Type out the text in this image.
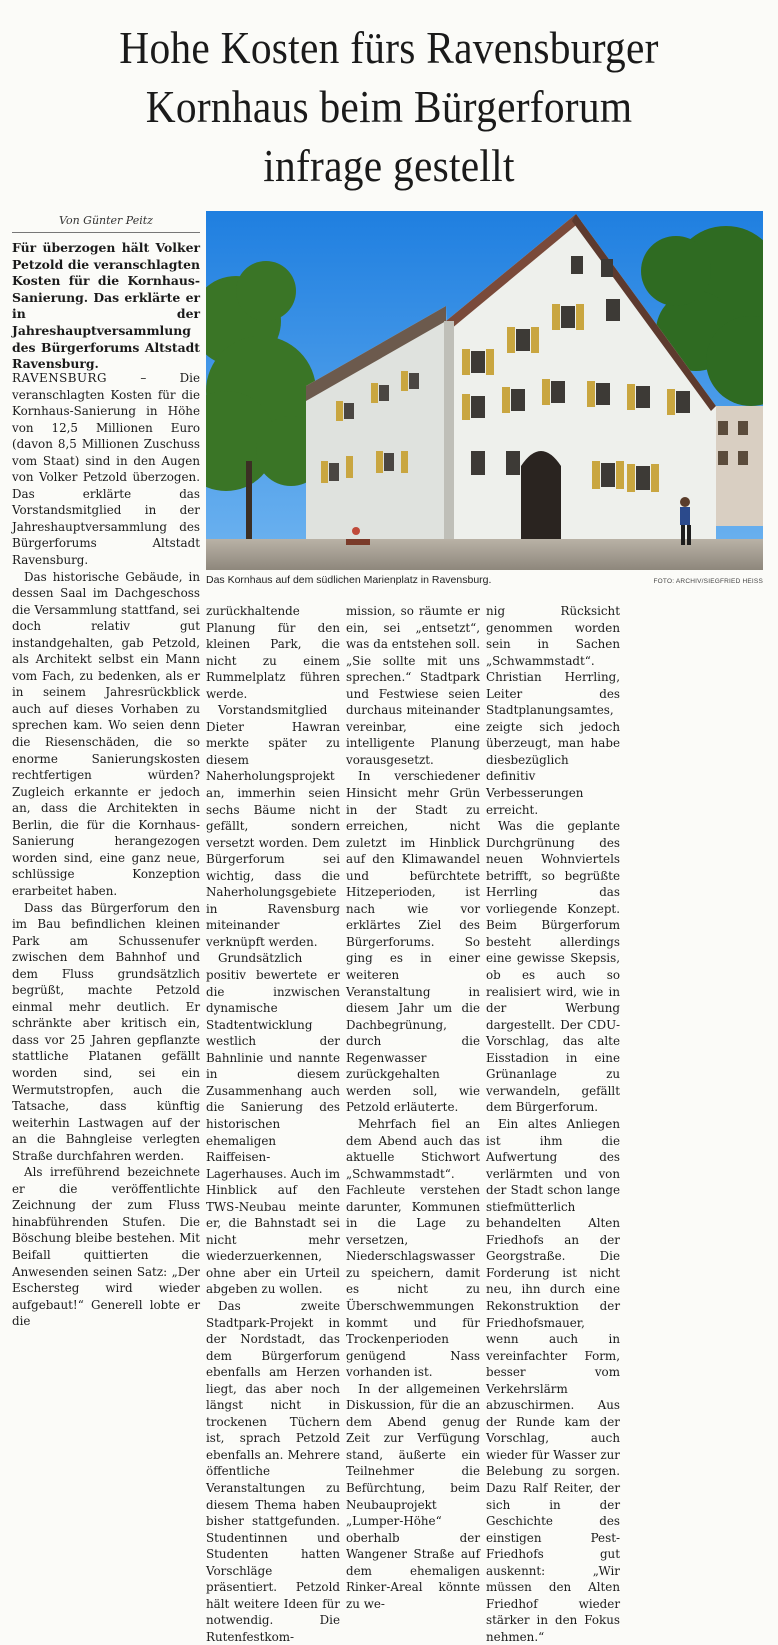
Hohe Kosten fürs Ravensburger
Kornhaus beim Bürgerforum
infrage gestellt
Von Günter Peitz

Für überzogen hält Volker Petzold die veranschlagten Kosten für die Kornhaus-Sanierung. Das erklärte er in der Jahreshauptversammlung des Bürgerforums Altstadt Ravensburg.

Das Kornhaus auf dem südlichen Marienplatz in Ravensburg.	FOTO: ARCHIV/SIEGFRIED HEISS

RAVENSBURG –	Die veranschlagten Kosten für die Kornhaus-Sanierung in Höhe von 12,5 Millionen Euro (davon 8,5 Millionen Zuschuss vom Staat) sind in den Augen von Volker Petzold überzogen. Das erklärte das Vorstandsmitglied in der Jahreshauptversammlung des Bürgerforums Altstadt Ravensburg.

Das historische Gebäude, in dessen Saal im Dachgeschoss die Versammlung stattfand, sei doch relativ gut instandgehalten, gab Petzold, als Architekt selbst ein Mann vom Fach, zu bedenken, als er in seinem Jahresrückblick auch auf dieses Vorhaben zu sprechen kam. Wo seien denn die Riesenschäden, die so enorme Sanierungskosten rechtfertigen würden? Zugleich erkannte er jedoch an, dass die Architekten in Berlin, die für die Kornhaus-Sanierung herangezogen worden sind, eine ganz neue, schlüssige Konzeption erarbeitet haben.

Dass das Bürgerforum den im Bau befindlichen kleinen Park am Schussenufer zwischen dem Bahnhof und dem Fluss grundsätzlich begrüßt, machte Petzold einmal mehr deutlich. Er schränkte aber kritisch ein, dass vor 25 Jahren gepflanzte stattliche Platanen gefällt worden sind, sei ein Wermutstropfen, auch die Tatsache, dass künftig weiterhin Lastwagen auf der an die Bahngleise verlegten Straße durchfahren werden.

Als irreführend bezeichnete er die veröffentlichte Zeichnung der zum Fluss hinabführenden Stufen. Die Böschung bleibe bestehen. Mit Beifall quittierten die Anwesenden seinen Satz: „Der Eschersteg wird wieder aufgebaut!“ Generell lobte er die

zurückhaltende Planung für den kleinen Park, die nicht zu einem Rummelplatz führen werde.

Vorstandsmitglied Dieter Hawran merkte später zu diesem Naherholungsprojekt an, immerhin seien sechs Bäume nicht gefällt, sondern versetzt worden. Dem Bürgerforum sei wichtig, dass die Naherholungsgebiete in Ravensburg miteinander verknüpft werden.

Grundsätzlich positiv bewertete er die inzwischen dynamische Stadtentwicklung westlich der Bahnlinie und nannte in diesem Zusammenhang auch die Sanierung des historischen ehemaligen Raiffeisen-Lagerhauses. Auch im Hinblick auf den TWS-Neubau meinte er, die Bahnstadt sei nicht mehr wiederzuerkennen, ohne aber ein Urteil abgeben zu wollen.

Das zweite Stadtpark-Projekt in der Nordstadt, das dem Bürgerforum ebenfalls am Herzen liegt, das aber noch längst nicht in trockenen Tüchern ist, sprach Petzold ebenfalls an. Mehrere öffentliche Veranstaltungen zu diesem Thema haben bisher stattgefunden. Studentinnen und Studenten hatten Vorschläge präsentiert. Petzold hält weitere Ideen für notwendig. Die Rutenfestkom-

mission, so räumte er ein, sei „entsetzt“, was da entstehen soll. „Sie sollte mit uns sprechen.“ Stadtpark und Festwiese seien durchaus miteinander vereinbar, eine intelligente Planung vorausgesetzt.

In verschiedener Hinsicht mehr Grün in der Stadt zu erreichen, nicht zuletzt im Hinblick auf den Klimawandel und befürchtete Hitzeperioden, ist nach wie vor erklärtes Ziel des Bürgerforums. So ging es in einer weiteren Veranstaltung in diesem Jahr um die Dachbegrünung, durch die Regenwasser zurückgehalten werden soll, wie Petzold erläuterte.

Mehrfach fiel an dem Abend auch das aktuelle Stichwort „Schwammstadt“. Fachleute verstehen darunter, Kommunen in die Lage zu versetzen, Niederschlagswasser zu speichern, damit es nicht zu Überschwemmungen kommt und für Trockenperioden genügend Nass vorhanden ist.

In der allgemeinen Diskussion, für die an dem Abend genug Zeit zur Verfügung stand, äußerte ein Teilnehmer die Befürchtung, beim Neubauprojekt „Lumper-Höhe“ oberhalb der Wangener Straße auf dem ehemaligen Rinker-Areal könnte zu we-

nig Rücksicht genommen worden sein in Sachen „Schwammstadt“. Christian Herrling, Leiter des Stadtplanungsamtes, zeigte sich jedoch überzeugt, man habe diesbezüglich definitiv Verbesserungen erreicht.

Was die geplante Durchgrünung des neuen Wohnviertels betrifft, so begrüßte Herrling das vorliegende Konzept. Beim Bürgerforum besteht allerdings eine gewisse Skepsis, ob es auch so realisiert wird, wie in der Werbung dargestellt. Der CDU-Vorschlag, das alte Eisstadion in eine Grünanlage zu verwandeln, gefällt dem Bürgerforum.

Ein altes Anliegen ist ihm die Aufwertung des verlärmten und von der Stadt schon lange stiefmütterlich behandelten Alten Friedhofs an der Georgstraße. Die Forderung ist nicht neu, ihn durch eine Rekonstruktion der Friedhofsmauer, wenn auch in vereinfachter Form, besser vom Verkehrslärm abzuschirmen. Aus der Runde kam der Vorschlag, auch wieder für Wasser zur Belebung zu sorgen. Dazu Ralf Reiter, der sich in der Geschichte des einstigen Pest-Friedhofs gut auskennt: „Wir müssen den Alten Friedhof wieder stärker in den Fokus nehmen.“
